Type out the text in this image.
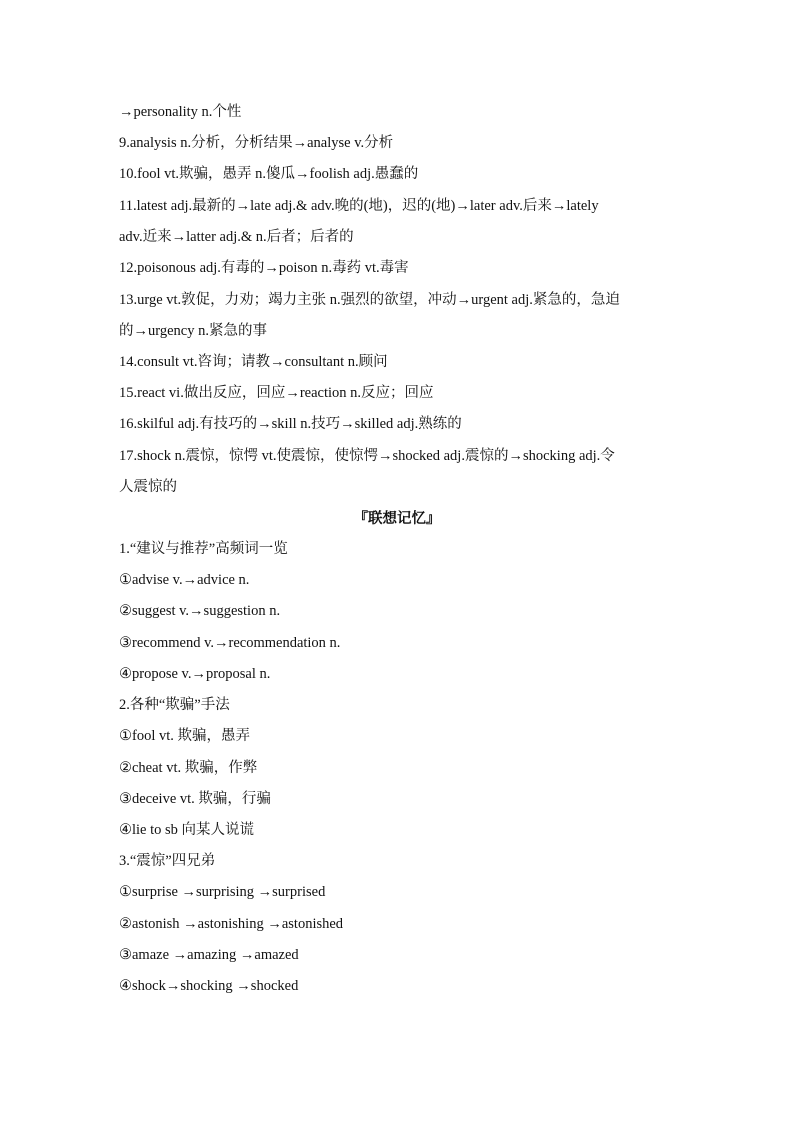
→personality n.个性
9.analysis n.分析，分析结果→analyse v.分析
10.fool vt.欺骗，愚弄 n.傻瓜→foolish adj.愚蠢的
11.latest adj.最新的→late adj.& adv.晚的(地)，迟的(地)→later adv.后来→lately
adv.近来→latter adj.& n.后者；后者的
12.poisonous adj.有毒的→poison n.毒药 vt.毒害
13.urge vt.敦促，力劝；竭力主张 n.强烈的欲望，冲动→urgent adj.紧急的，急迫
的→urgency n.紧急的事
14.consult vt.咨询；请教→consultant n.顾问
15.react vi.做出反应，回应→reaction n.反应；回应
16.skilful adj.有技巧的→skill n.技巧→skilled adj.熟练的
17.shock n.震惊，惊愕 vt.使震惊，使惊愕→shocked adj.震惊的→shocking adj.令
人震惊的
『联想记忆』
1.“建议与推荐”高频词一览
①advise v.→advice n.
②suggest v.→suggestion n.
③recommend v.→recommendation n.
④propose v.→proposal n.
2.各种“欺骗”手法
①fool vt. 欺骗，愚弄
②cheat vt. 欺骗，作弊
③deceive vt. 欺骗，行骗
④lie to sb 向某人说谎
3.“震惊”四兄弟
①surprise →surprising →surprised
②astonish →astonishing →astonished
③amaze →amazing →amazed
④shock→shocking →shocked
